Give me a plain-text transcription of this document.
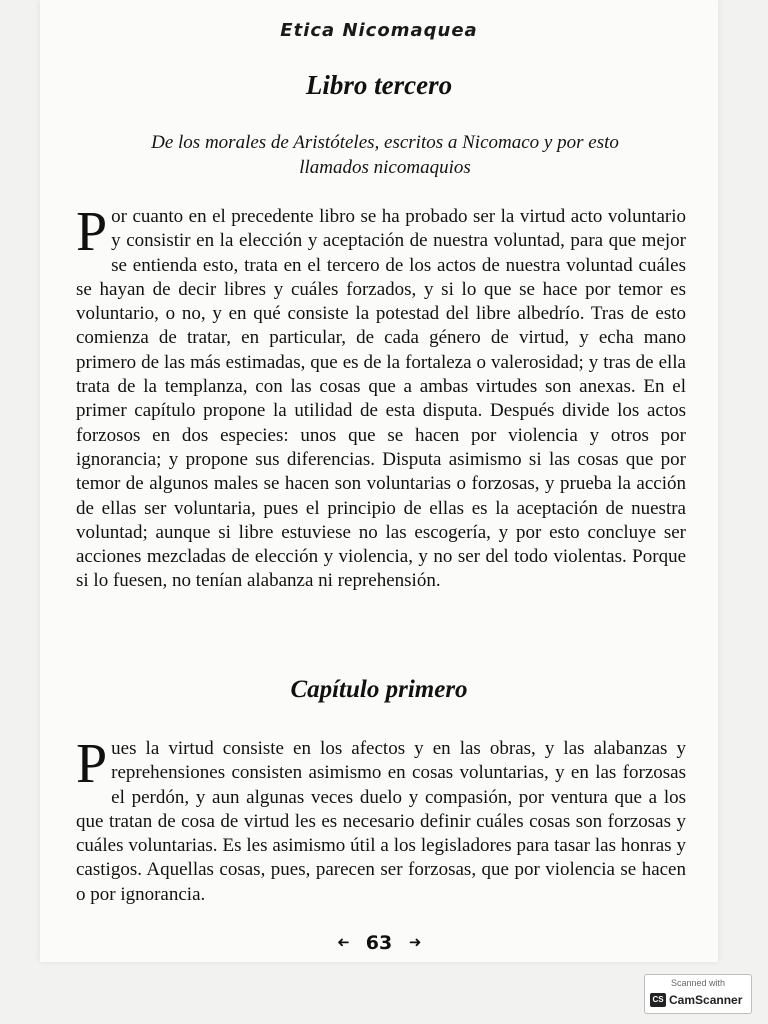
Etica Nicomaquea
Libro tercero
De los morales de Aristóteles, escritos a Nicomaco y por esto
llamados nicomaquios
Por cuanto en el precedente libro se ha probado ser la virtud acto voluntario y consistir en la elección y aceptación de nuestra voluntad, para que mejor se entienda esto, trata en el tercero de los actos de nuestra voluntad cuáles se hayan de decir libres y cuáles forzados, y si lo que se hace por temor es voluntario, o no, y en qué consiste la potestad del libre albedrío. Tras de esto comienza de tratar, en particular, de cada género de virtud, y echa mano primero de las más estimadas, que es de la fortaleza o valerosidad; y tras de ella trata de la templanza, con las cosas que a ambas virtudes son anexas. En el primer capítulo propone la utilidad de esta disputa. Después divide los actos forzosos en dos especies: unos que se hacen por violencia y otros por ignorancia; y propone sus diferencias. Disputa asimismo si las cosas que por temor de algunos males se hacen son voluntarias o forzosas, y prueba la acción de ellas ser voluntaria, pues el principio de ellas es la aceptación de nuestra voluntad; aunque si libre estuviese no las escogería, y por esto concluye ser acciones mezcladas de elección y violencia, y no ser del todo violentas. Porque si lo fuesen, no tenían alabanza ni reprehensión.
Capítulo primero
Pues la virtud consiste en los afectos y en las obras, y las alabanzas y reprehensiones consisten asimismo en cosas voluntarias, y en las forzosas el perdón, y aun algunas veces duelo y compasión, por ventura que a los que tratan de cosa de virtud les es necesario definir cuáles cosas son forzosas y cuáles voluntarias. Es les asimismo útil a los legisladores para tasar las honras y castigos. Aquellas cosas, pues, parecen ser forzosas, que por violencia se hacen o por ignorancia.
➜ 63 ➜
Scanned with
CS CamScanner
